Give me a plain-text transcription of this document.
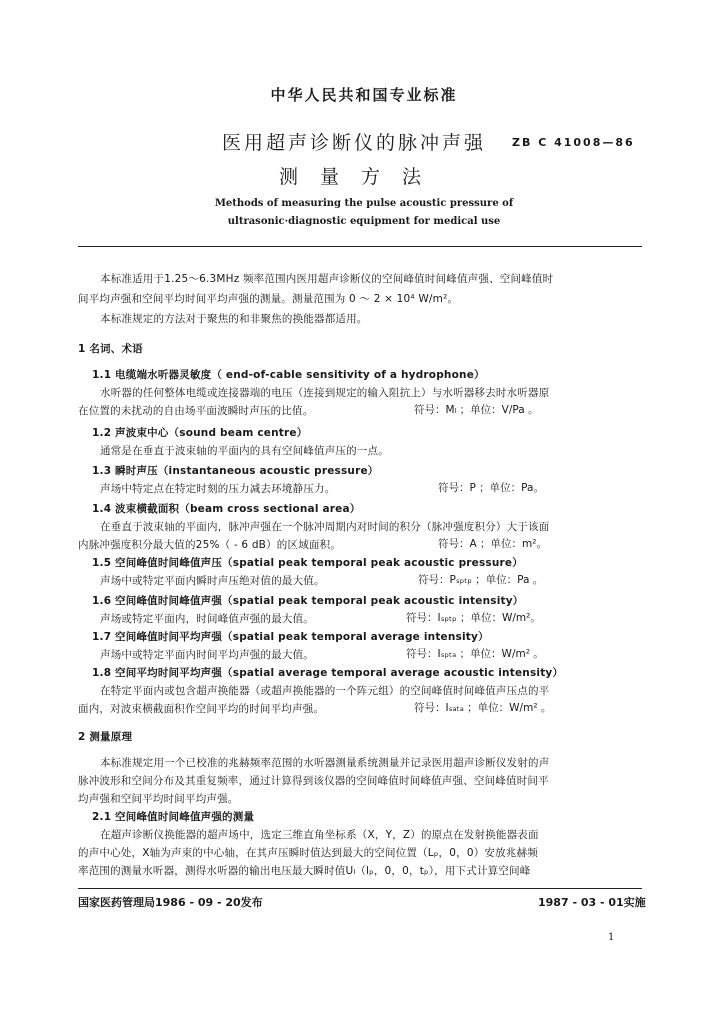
中华人民共和国专业标准
医用超声诊断仪的脉冲声强
测 量 方 法
ZB C 41008—86
Methods of measuring the pulse acoustic pressure of
ultrasonic·diagnostic equipment for medical use
本标准适用于1.25～6.3MHz 频率范围内医用超声诊断仪的空间峰值时间峰值声强、空间峰值时
间平均声强和空间平均时间平均声强的测量。测量范围为 0 ～ 2 × 10⁴ W/m²。
本标准规定的方法对于聚焦的和非聚焦的换能器都适用。
1 名词、术语
1.1 电缆端水听器灵敏度（ end-of-cable sensitivity of a hydrophone）
水听器的任何整体电缆或连接器端的电压（连接到规定的输入阻抗上）与水听器移去时水听器原
在位置的未扰动的自由场平面波瞬时声压的比值。	符号：Mₗ ；单位：V/Pa 。
1.2 声波束中心（sound beam centre）
通常是在垂直于波束轴的平面内的具有空间峰值声压的一点。
1.3 瞬时声压（instantaneous acoustic pressure）
声场中特定点在特定时刻的压力减去环境静压力。	符号：P ；单位：Pa。
1.4 波束横截面积（beam cross sectional area）
在垂直于波束轴的平面内，脉冲声强在一个脉冲周期内对时间的积分（脉冲强度积分）大于该面
内脉冲强度积分最大值的25%（ - 6 dB）的区域面积。	符号：A ；单位：m²。
1.5 空间峰值时间峰值声压（spatial peak temporal peak acoustic pressure）
声场中或特定平面内瞬时声压绝对值的最大值。	符号：Pₛₚₜₚ ；单位：Pa 。
1.6 空间峰值时间峰值声强（spatial peak temporal peak acoustic intensity）
声场或特定平面内，时间峰值声强的最大值。	符号：Iₛₚₜₚ ；单位：W/m²。
1.7 空间峰值时间平均声强（spatial peak temporal average intensity）
声场中或特定平面内时间平均声强的最大值。	符号：Iₛₚₜₐ ；单位：W/m² 。
1.8 空间平均时间平均声强（spatial average temporal average acoustic intensity）
在特定平面内或包含超声换能器（或超声换能器的一个阵元组）的空间峰值时间峰值声压点的平
面内，对波束横截面积作空间平均的时间平均声强。	符号：Iₛₐₜₐ ；单位：W/m² 。
2 测量原理
本标准规定用一个已校准的兆赫频率范围的水听器测量系统测量并记录医用超声诊断仪发射的声
脉冲波形和空间分布及其重复频率，通过计算得到该仪器的空间峰值时间峰值声强、空间峰值时间平
均声强和空间平均时间平均声强。
2.1 空间峰值时间峰值声强的测量
在超声诊断仪换能器的超声场中，选定三维直角坐标系（X，Y，Z）的原点在发射换能器表面
的声中心处，X轴为声束的中心轴，在其声压瞬时值达到最大的空间位置（Lₚ，0，0）安放兆赫频
率范围的测量水听器，测得水听器的输出电压最大瞬时值Uₗ（lₚ，0，0，tₚ），用下式计算空间峰
国家医药管理局1986 - 09 - 20发布	1987 - 03 - 01实施
1
